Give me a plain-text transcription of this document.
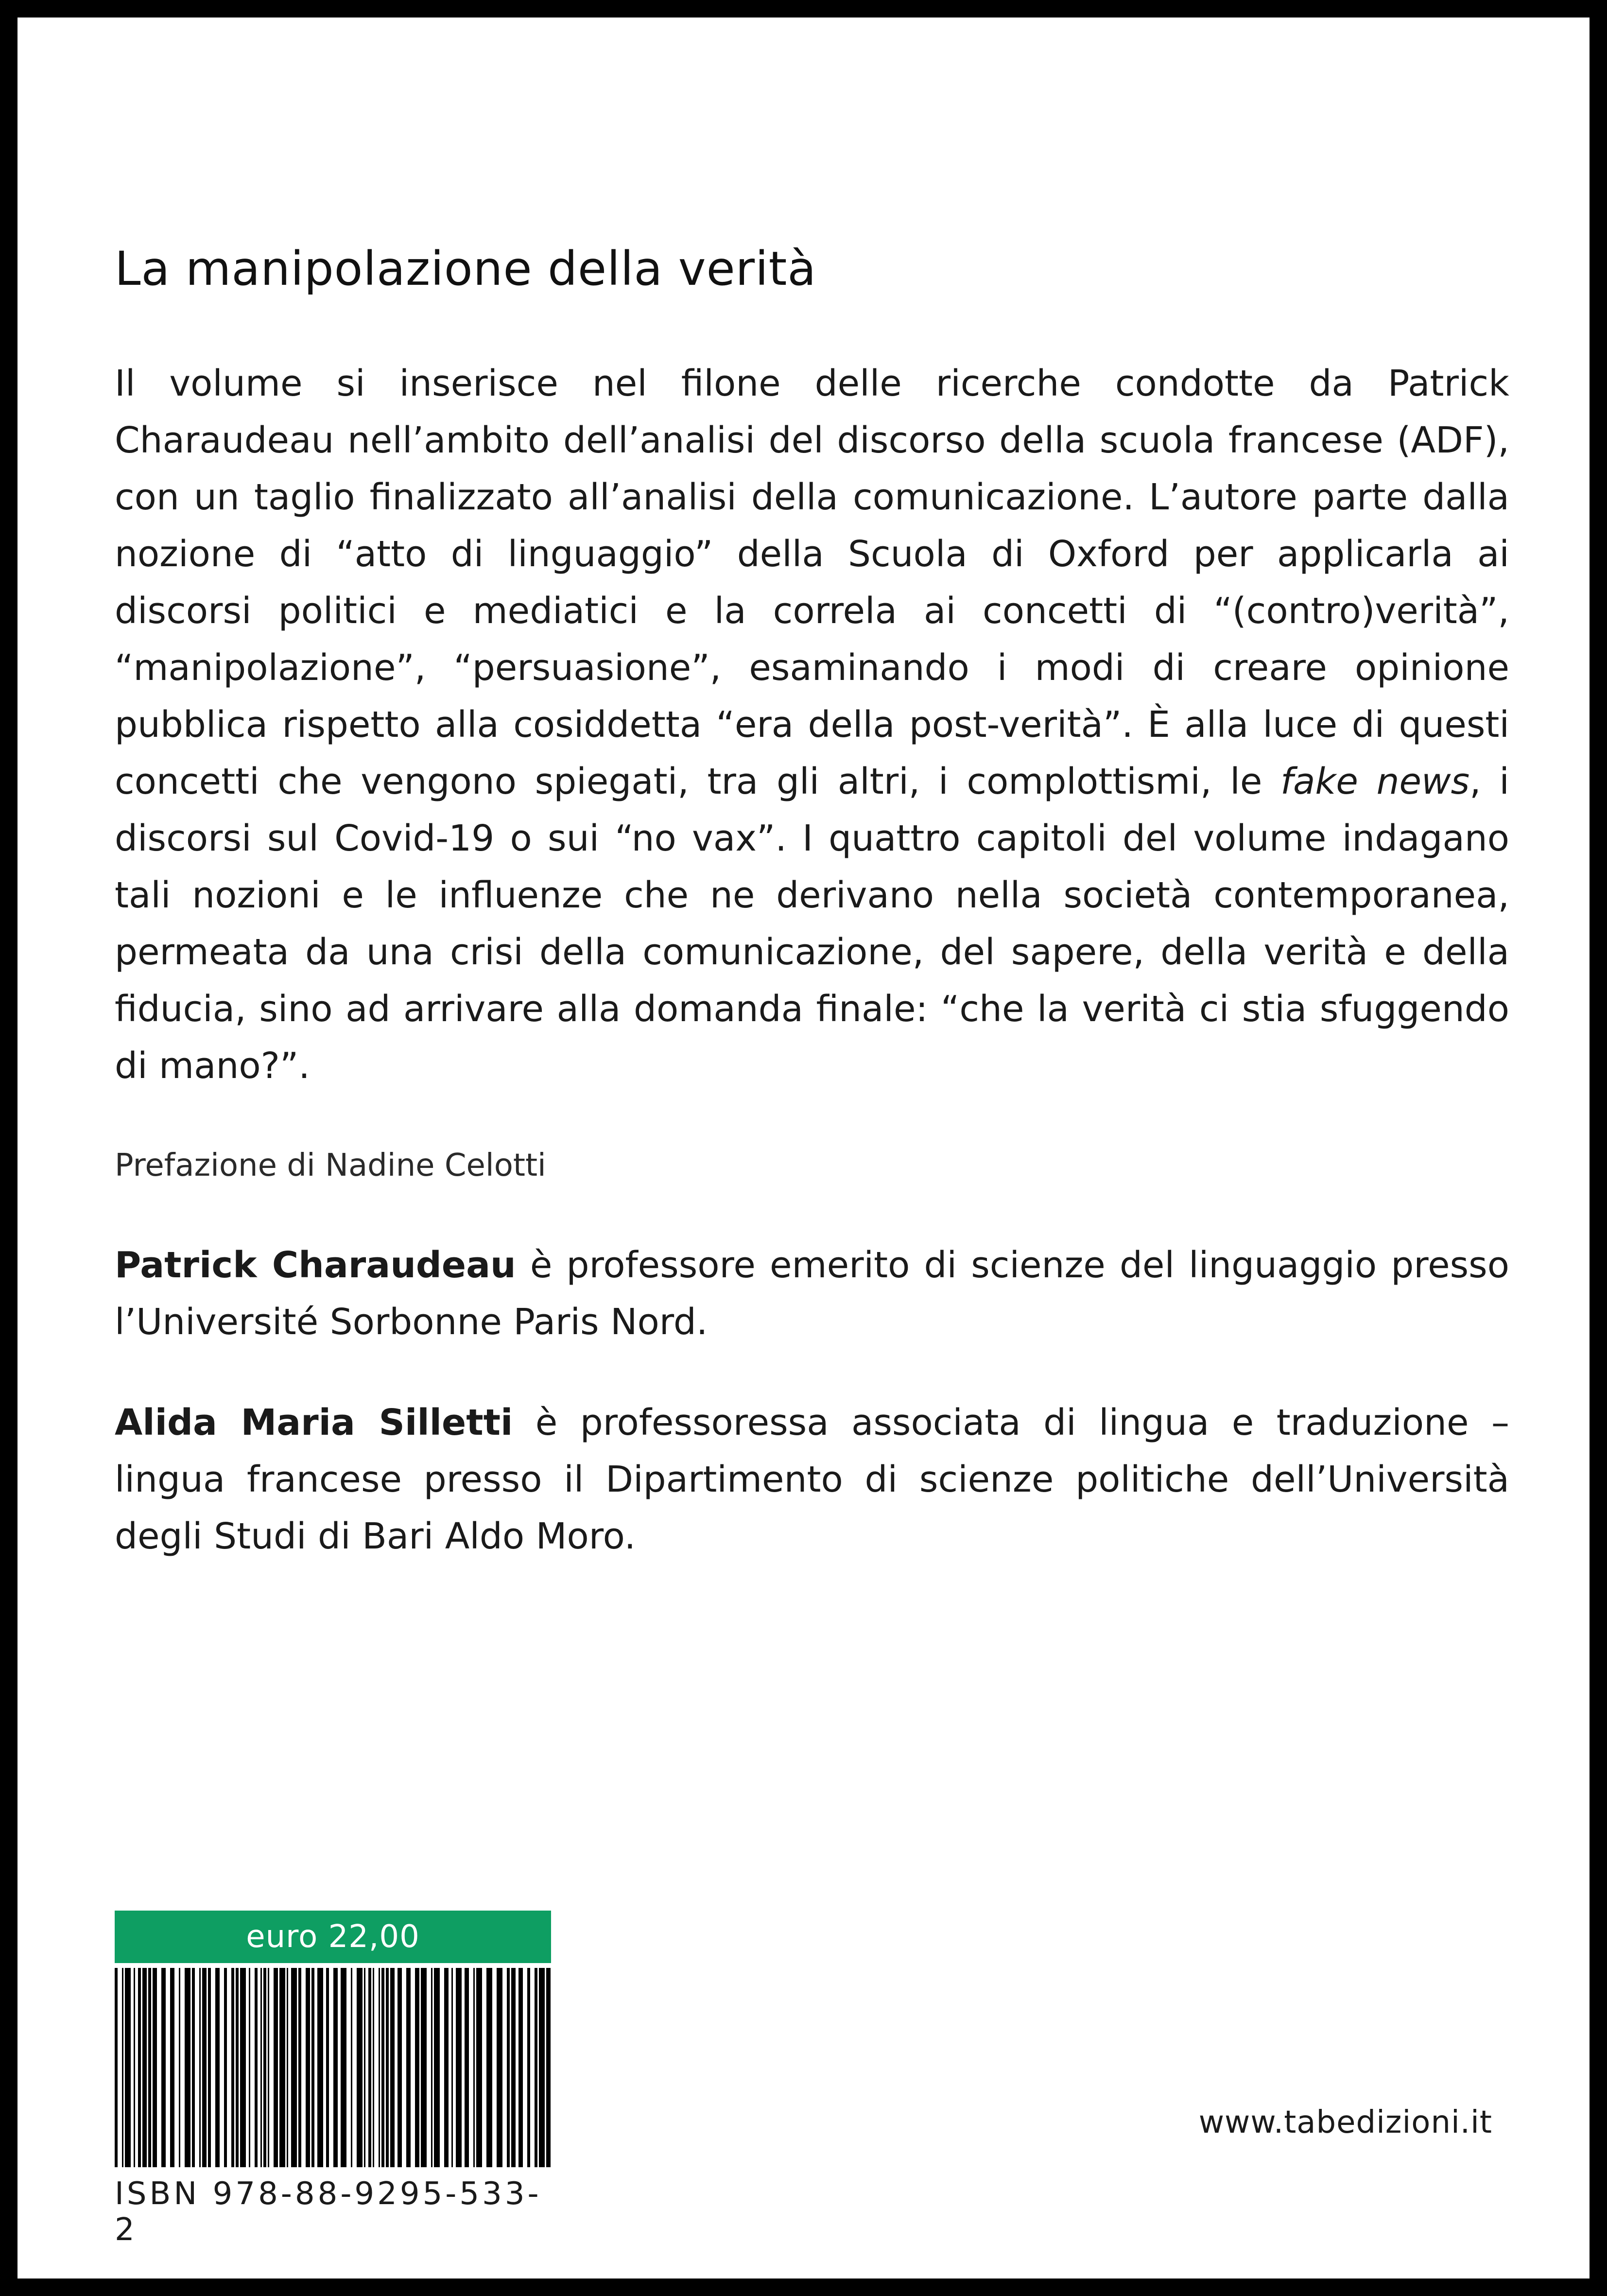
La manipolazione della verità

Il volume si inserisce nel filone delle ricerche condotte da Patrick Charaudeau nell’ambito dell’analisi del discorso della scuola francese (ADF), con un taglio finalizzato all’analisi della comunicazione. L’autore parte dalla nozione di “atto di linguaggio” della Scuola di Oxford per applicarla ai discorsi politici e mediatici e la correla ai concetti di “(contro)verità”, “manipolazione”, “persuasione”, esaminando i modi di creare opinione pubblica rispetto alla cosiddetta “era della post-verità”. È alla luce di questi concetti che vengono spiegati, tra gli altri, i complottismi, le fake news, i discorsi sul Covid-19 o sui “no vax”. I quattro capitoli del volume indagano tali nozioni e le influenze che ne derivano nella società contemporanea, permeata da una crisi della comunicazione, del sapere, della verità e della fiducia, sino ad arrivare alla domanda finale: “che la verità ci stia sfuggendo di mano?”.

Prefazione di Nadine Celotti

Patrick Charaudeau è professore emerito di scienze del linguaggio presso l’Université Sorbonne Paris Nord.

Alida Maria Silletti è professoressa associata di lingua e traduzione – lingua francese presso il Dipartimento di scienze politiche dell’Università degli Studi di Bari Aldo Moro.

euro 22,00
ISBN 978-88-9295-533-2
www.tabedizioni.it
